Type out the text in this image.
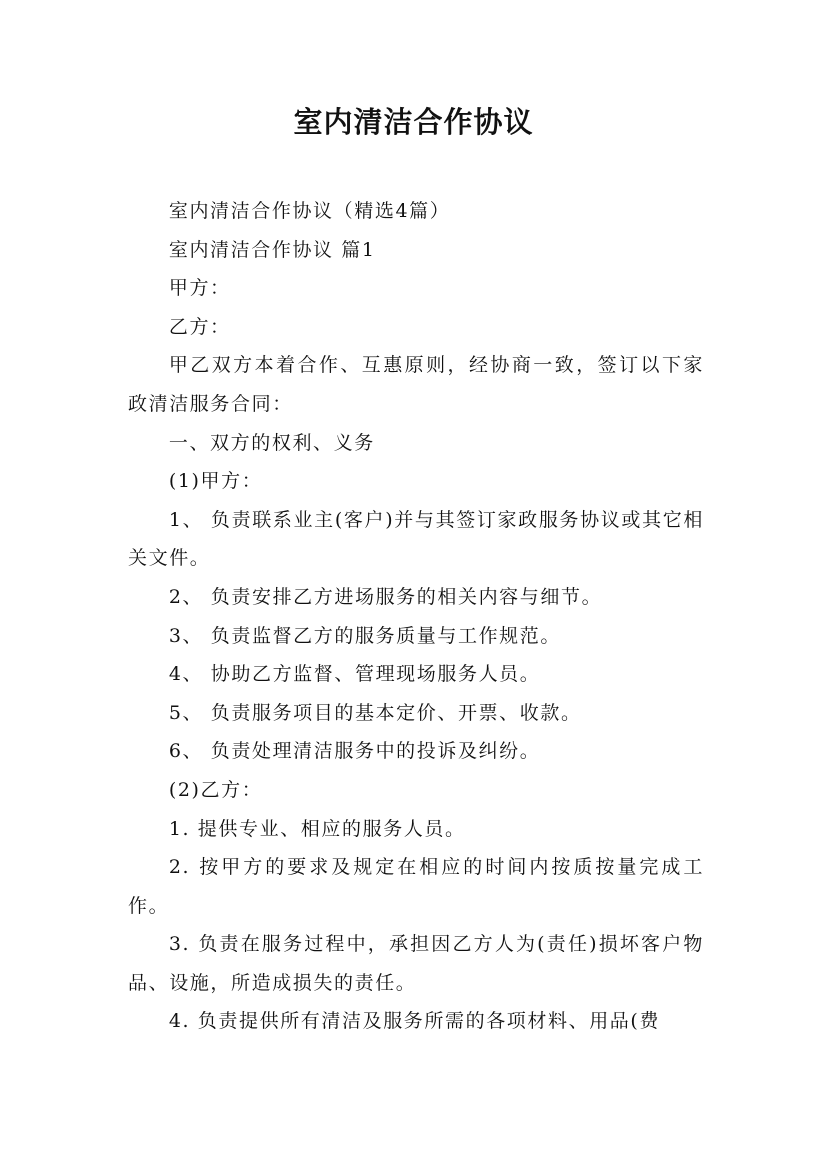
室内清洁合作协议

室内清洁合作协议（精选4篇）

室内清洁合作协议 篇1

甲方：

乙方：

甲乙双方本着合作、互惠原则，经协商一致，签订以下家政清洁服务合同：

一、双方的权利、义务

(1)甲方：

1、 负责联系业主(客户)并与其签订家政服务协议或其它相关文件。

2、 负责安排乙方进场服务的相关内容与细节。

3、 负责监督乙方的服务质量与工作规范。

4、 协助乙方监督、管理现场服务人员。

5、 负责服务项目的基本定价、开票、收款。

6、 负责处理清洁服务中的投诉及纠纷。

(2)乙方：

1. 提供专业、相应的服务人员。

2. 按甲方的要求及规定在相应的时间内按质按量完成工作。

3. 负责在服务过程中，承担因乙方人为(责任)损坏客户物品、设施，所造成损失的责任。

4. 负责提供所有清洁及服务所需的各项材料、用品(费
